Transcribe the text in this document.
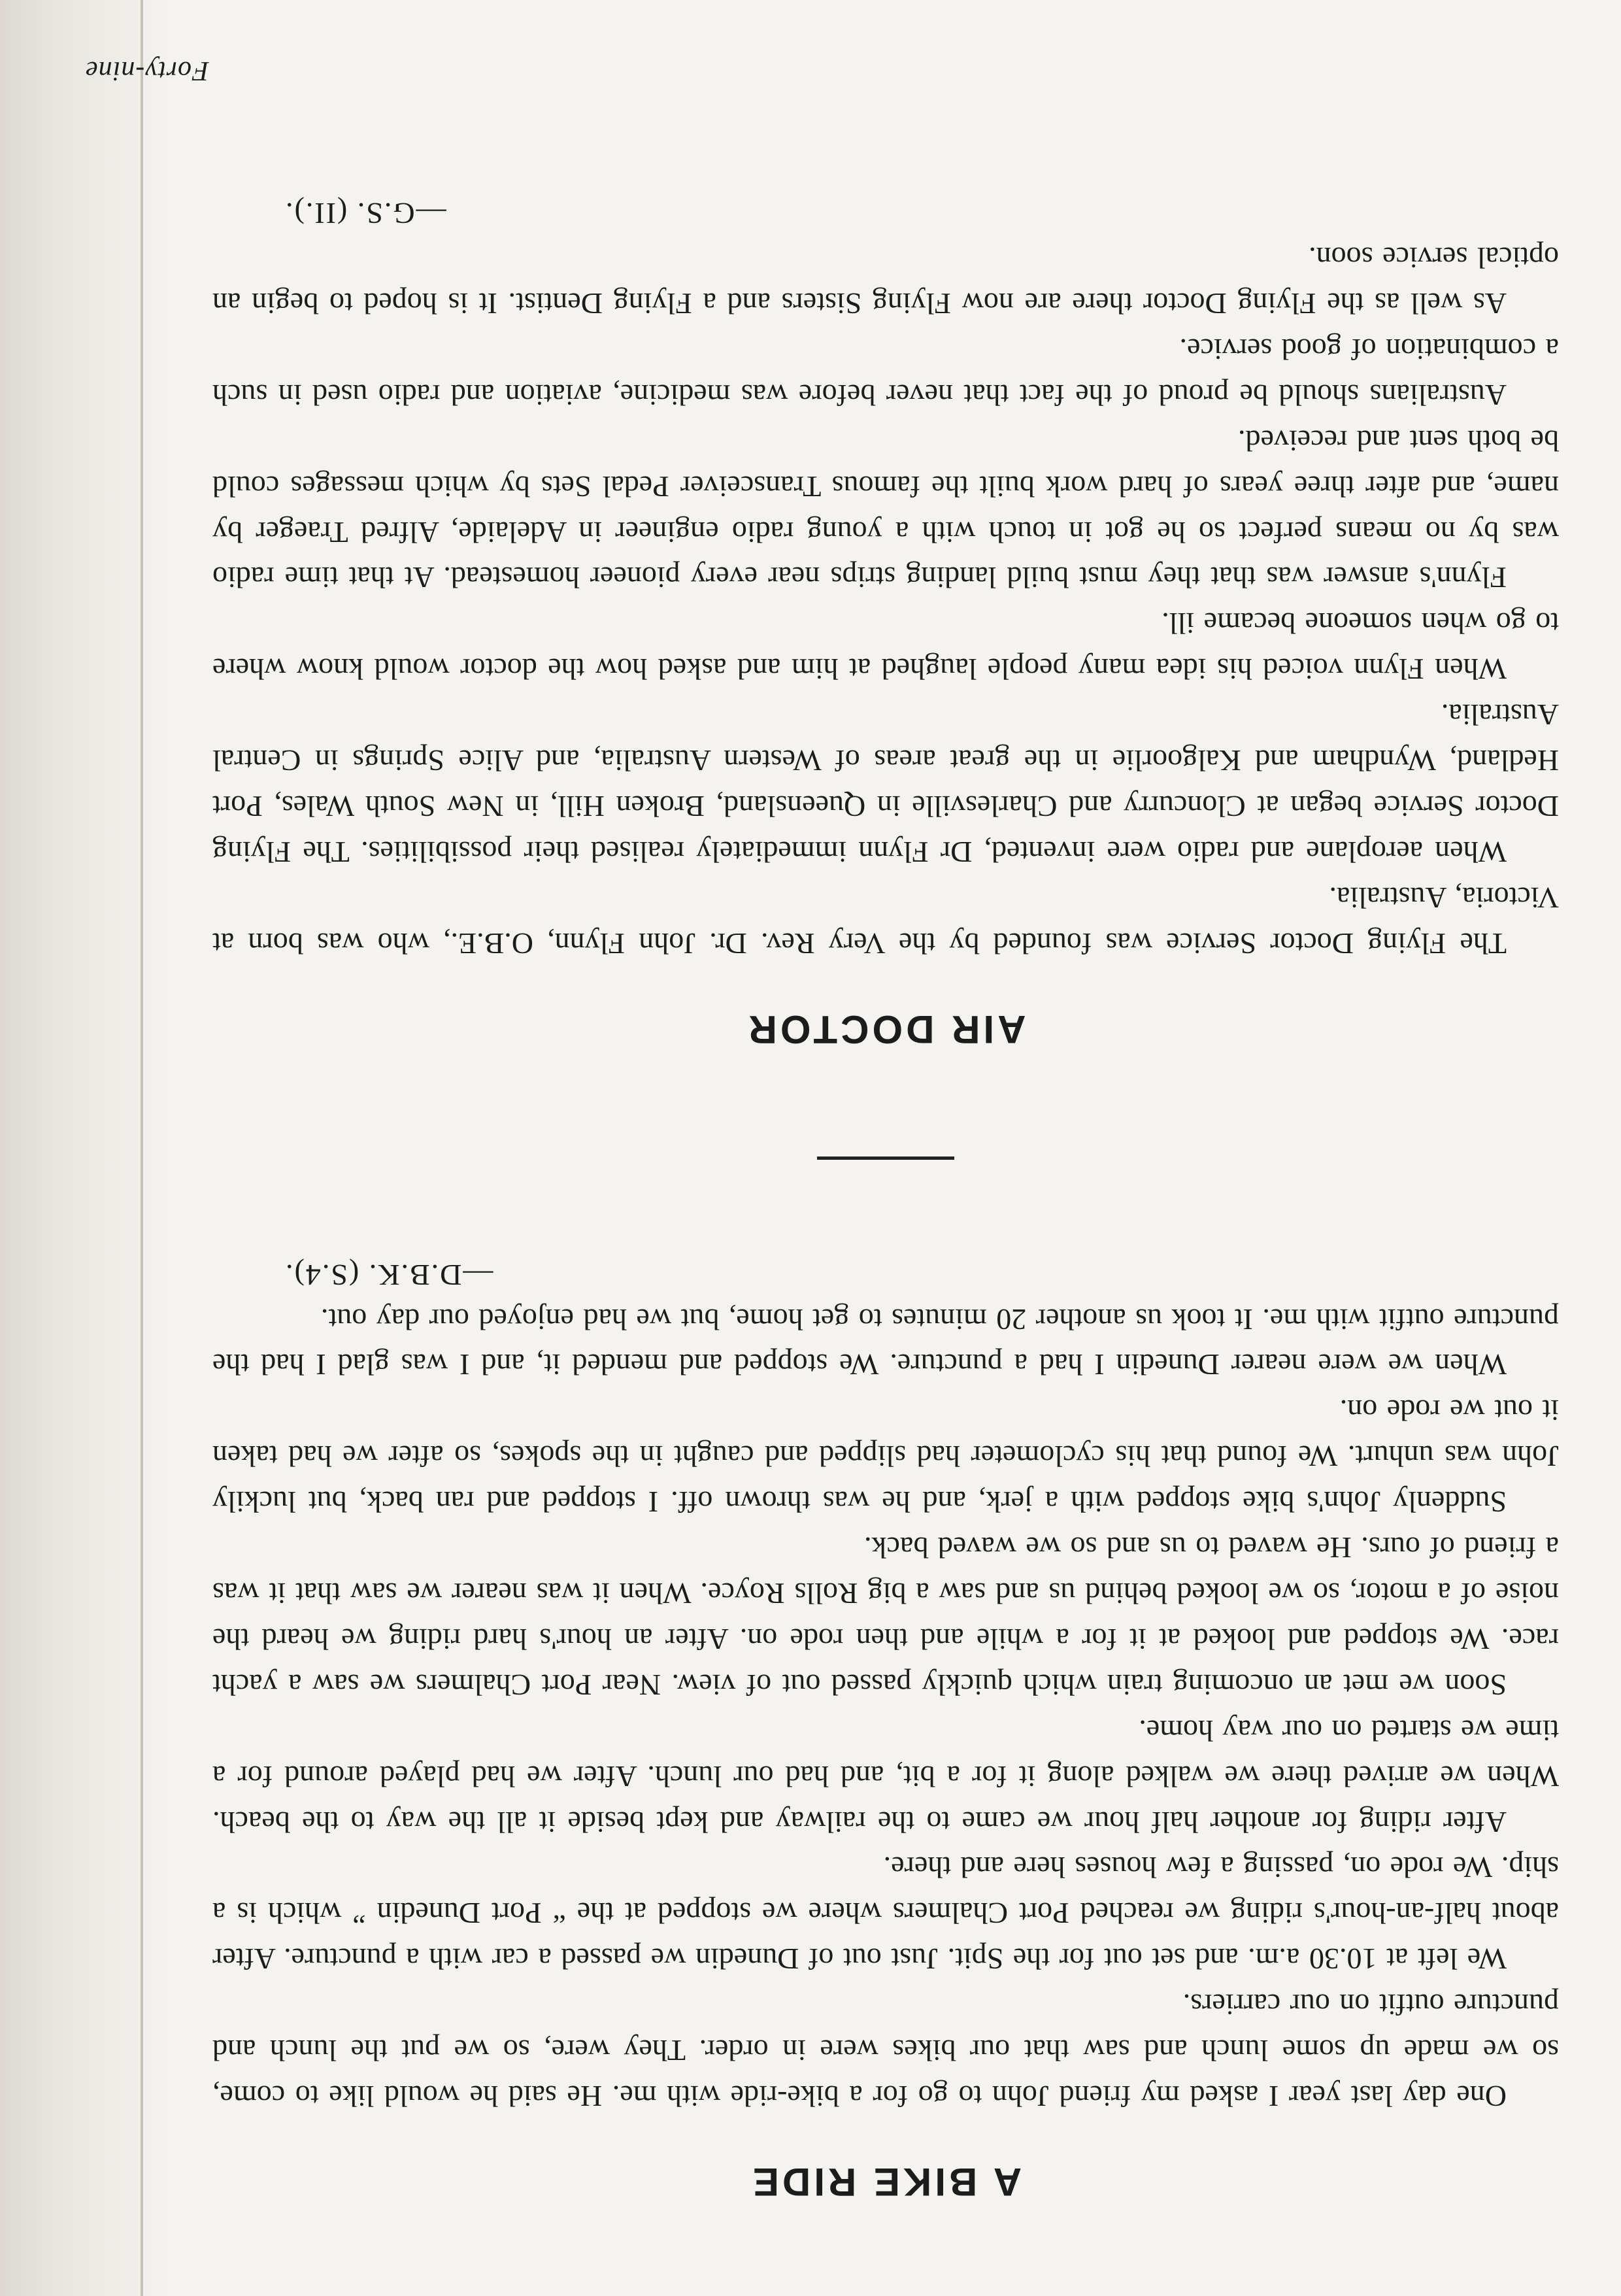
A BIKE RIDE

One day last year I asked my friend John to go for a bike-ride with me. He said he would like to come, so we made up some lunch and saw that our bikes were in order. They were, so we put the lunch and puncture outfit on our carriers.

We left at 10.30 a.m. and set out for the Spit. Just out of Dunedin we passed a car with a puncture. After about half-an-hour's riding we reached Port Chalmers where we stopped at the “ Port Dunedin ” which is a ship. We rode on, passing a few houses here and there.

After riding for another half hour we came to the railway and kept beside it all the way to the beach. When we arrived there we walked along it for a bit, and had our lunch. After we had played around for a time we started on our way home.

Soon we met an oncoming train which quickly passed out of view. Near Port Chalmers we saw a yacht race. We stopped and looked at it for a while and then rode on. After an hour's hard riding we heard the noise of a motor, so we looked behind us and saw a big Rolls Royce. When it was nearer we saw that it was a friend of ours. He waved to us and so we waved back.

Suddenly John's bike stopped with a jerk, and he was thrown off. I stopped and ran back, but luckily John was unhurt. We found that his cyclometer had slipped and caught in the spokes, so after we had taken it out we rode on.

When we were nearer Dunedin I had a puncture. We stopped and mended it, and I was glad I had the puncture outfit with me. It took us another 20 minutes to get home, but we had enjoyed our day out.

—D.B.K. (S.4).
AIR DOCTOR

The Flying Doctor Service was founded by the Very Rev. Dr. John Flynn, O.B.E., who was born at Victoria, Australia.

When aeroplane and radio were invented, Dr Flynn immediately realised their possibilities. The Flying Doctor Service began at Cloncurry and Charlesville in Queensland, Broken Hill, in New South Wales, Port Hedland, Wyndham and Kalgoorlie in the great areas of Western Australia, and Alice Springs in Central Australia.

When Flynn voiced his idea many people laughed at him and asked how the doctor would know where to go when someone became ill.

Flynn's answer was that they must build landing strips near every pioneer homestead. At that time radio was by no means perfect so he got in touch with a young radio engineer in Adelaide, Alfred Traeger by name, and after three years of hard work built the famous Transceiver Pedal Sets by which messages could be both sent and received.

Australians should be proud of the fact that never before was medicine, aviation and radio used in such a combination of good service.

As well as the Flying Doctor there are now Flying Sisters and a Flying Dentist. It is hoped to begin an optical service soon.

—G.S. (II.).
Forty-nine
